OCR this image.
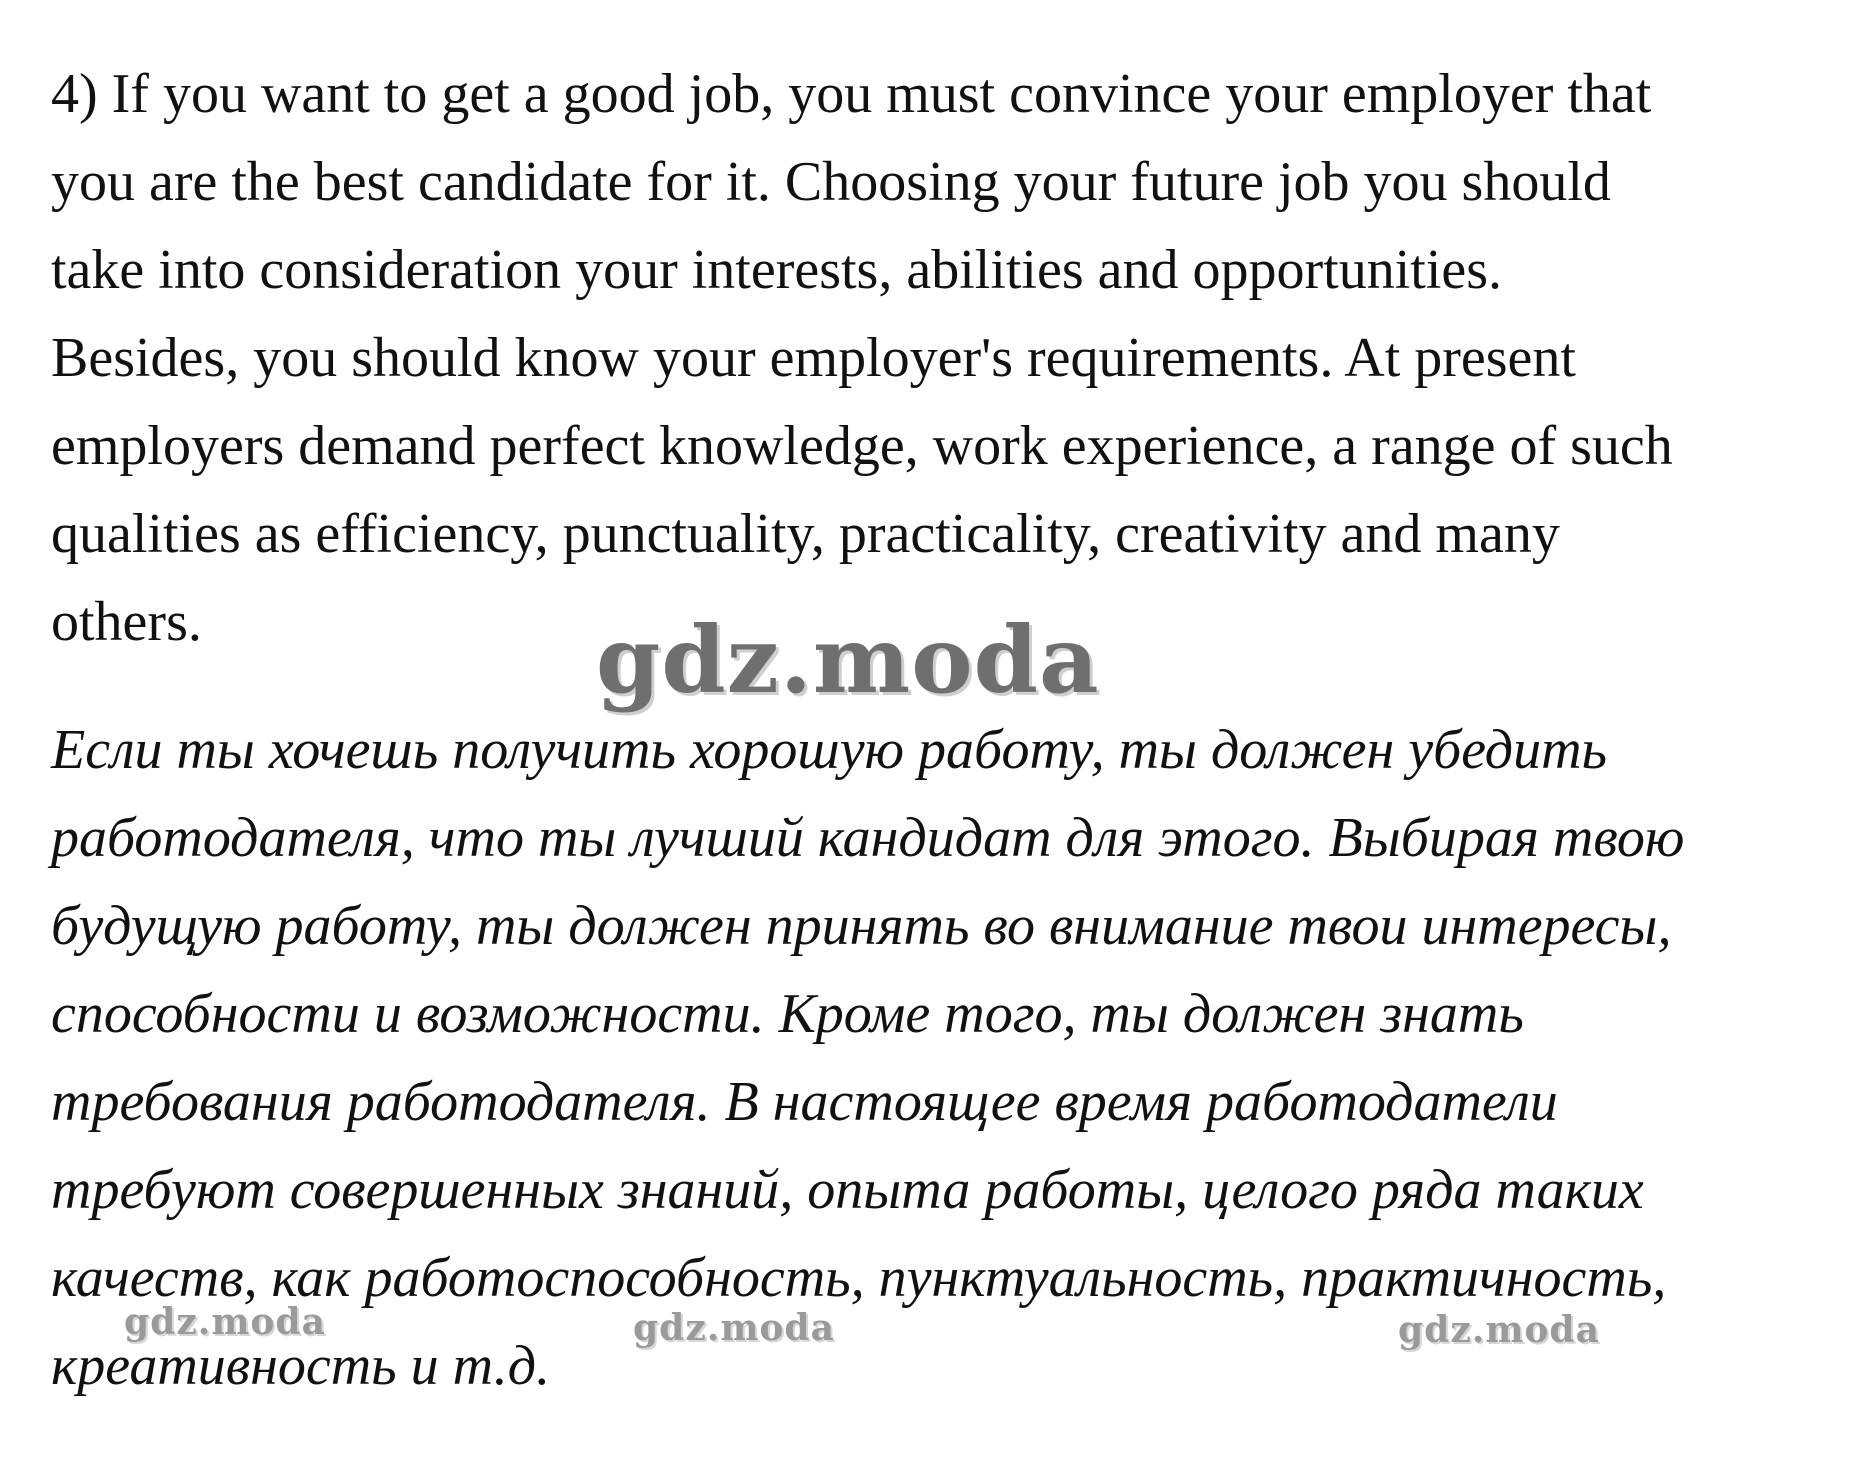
4) If you want to get a good job, you must convince your employer that
you are the best candidate for it. Choosing your future job you should
take into consideration your interests, abilities and opportunities.
Besides, you should know your employer's requirements. At present
employers demand perfect knowledge, work experience, a range of such
qualities as efficiency, punctuality, practicality, creativity and many
others.	gdz.moda
Если ты хочешь получить хорошую работу, ты должен убедить
работодателя, что ты лучший кандидат для этого. Выбирая твою
будущую работу, ты должен принять во внимание твои интересы,
способности и возможности. Кроме того, ты должен знать
требования работодателя. В настоящее время работодатели
требуют совершенных знаний, опыта работы, целого ряда таких
качеств, как работоспособность, пунктуальность, практичность,
креативность и т.д.
gdz.moda	gdz.moda	gdz.moda
